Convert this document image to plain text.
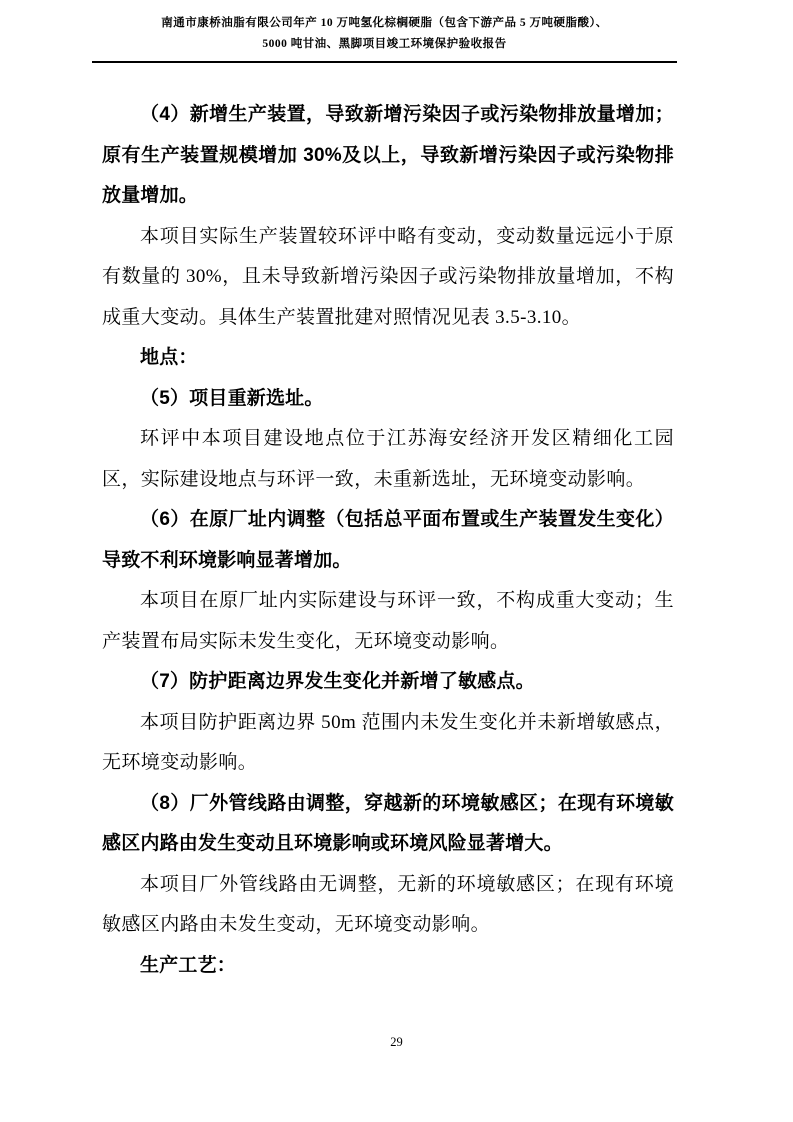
南通市康桥油脂有限公司年产 10 万吨氢化棕榈硬脂（包含下游产品 5 万吨硬脂酸）、
5000 吨甘油、黑脚项目竣工环境保护验收报告

（4）新增生产装置，导致新增污染因子或污染物排放量增加；原有生产装置规模增加 30%及以上，导致新增污染因子或污染物排放量增加。

本项目实际生产装置较环评中略有变动，变动数量远远小于原有数量的 30%，且未导致新增污染因子或污染物排放量增加，不构成重大变动。具体生产装置批建对照情况见表 3.5-3.10。

地点：

（5）项目重新选址。

环评中本项目建设地点位于江苏海安经济开发区精细化工园区，实际建设地点与环评一致，未重新选址，无环境变动影响。

（6）在原厂址内调整（包括总平面布置或生产装置发生变化）导致不利环境影响显著增加。

本项目在原厂址内实际建设与环评一致，不构成重大变动；生产装置布局实际未发生变化，无环境变动影响。

（7）防护距离边界发生变化并新增了敏感点。

本项目防护距离边界 50m 范围内未发生变化并未新增敏感点，无环境变动影响。

（8）厂外管线路由调整，穿越新的环境敏感区；在现有环境敏感区内路由发生变动且环境影响或环境风险显著增大。

本项目厂外管线路由无调整，无新的环境敏感区；在现有环境敏感区内路由未发生变动，无环境变动影响。

生产工艺：

29
